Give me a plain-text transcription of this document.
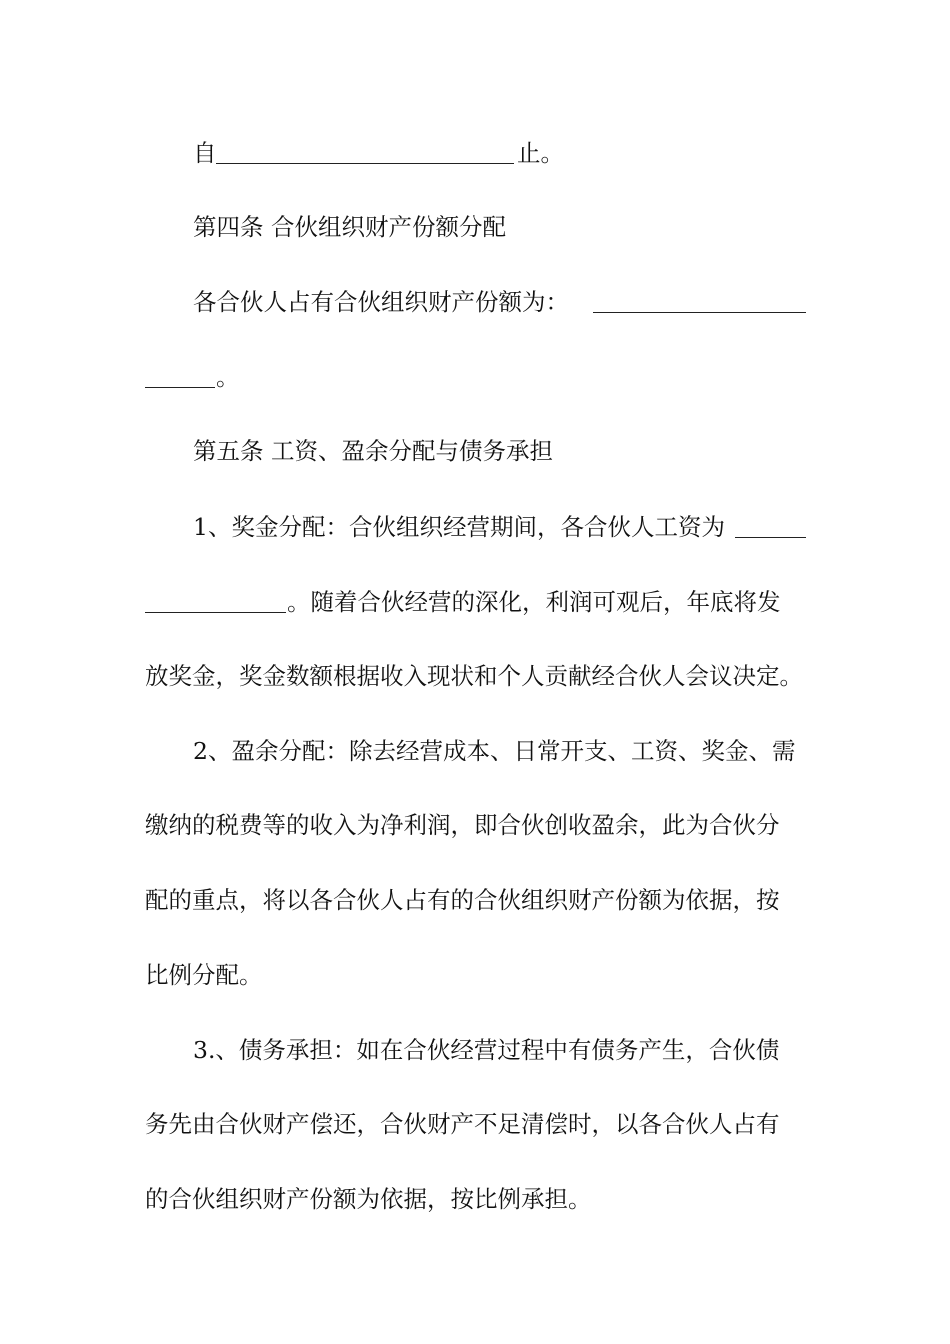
自	止。
第四条 合伙组织财产份额分配
各合伙人占有合伙组织财产份额为：
。
第五条 工资、盈余分配与债务承担
1、奖金分配：合伙组织经营期间，各合伙人工资为
。随着合伙经营的深化，利润可观后，年底将发
放奖金，奖金数额根据收入现状和个人贡献经合伙人会议决定。
2、盈余分配：除去经营成本、日常开支、工资、奖金、需
缴纳的税费等的收入为净利润，即合伙创收盈余，此为合伙分
配的重点，将以各合伙人占有的合伙组织财产份额为依据，按
比例分配。
3.、债务承担：如在合伙经营过程中有债务产生，合伙债
务先由合伙财产偿还，合伙财产不足清偿时，以各合伙人占有
的合伙组织财产份额为依据，按比例承担。
